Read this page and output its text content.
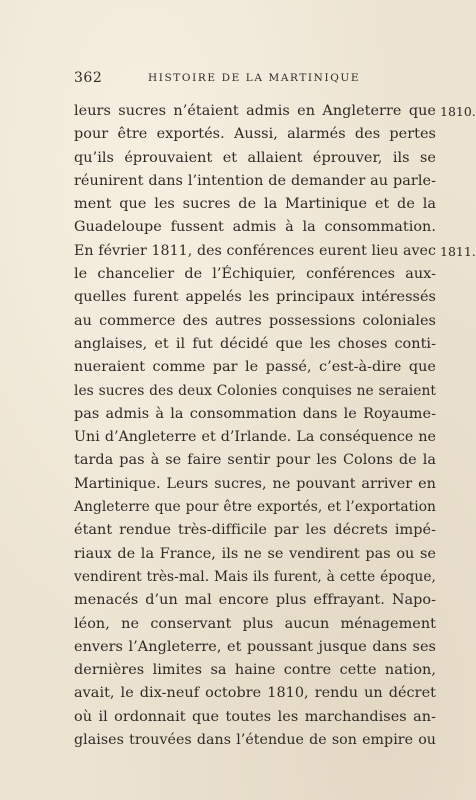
362	HISTOIRE DE LA MARTINIQUE
1810.
1811.
leurs sucres n’étaient admis en Angleterre que
pour être exportés. Aussi, alarmés des pertes
qu’ils éprouvaient et allaient éprouver, ils se
réunirent dans l’intention de demander au parle-
ment que les sucres de la Martinique et de la
Guadeloupe fussent admis à la consommation.
En février 1811, des conférences eurent lieu avec
le chancelier de l’Échiquier, conférences aux-
quelles furent appelés les principaux intéressés
au commerce des autres possessions coloniales
anglaises, et il fut décidé que les choses conti-
nueraient comme par le passé, c’est-à-dire que
les sucres des deux Colonies conquises ne seraient
pas admis à la consommation dans le Royaume-
Uni d’Angleterre et d’Irlande. La conséquence ne
tarda pas à se faire sentir pour les Colons de la
Martinique. Leurs sucres, ne pouvant arriver en
Angleterre que pour être exportés, et l’exportation
étant rendue très-difficile par les décrets impé-
riaux de la France, ils ne se vendirent pas ou se
vendirent très-mal. Mais ils furent, à cette époque,
menacés d’un mal encore plus effrayant. Napo-
léon, ne conservant plus aucun ménagement
envers l’Angleterre, et poussant jusque dans ses
dernières limites sa haine contre cette nation,
avait, le dix-neuf octobre 1810, rendu un décret
où il ordonnait que toutes les marchandises an-
glaises trouvées dans l’étendue de son empire ou
